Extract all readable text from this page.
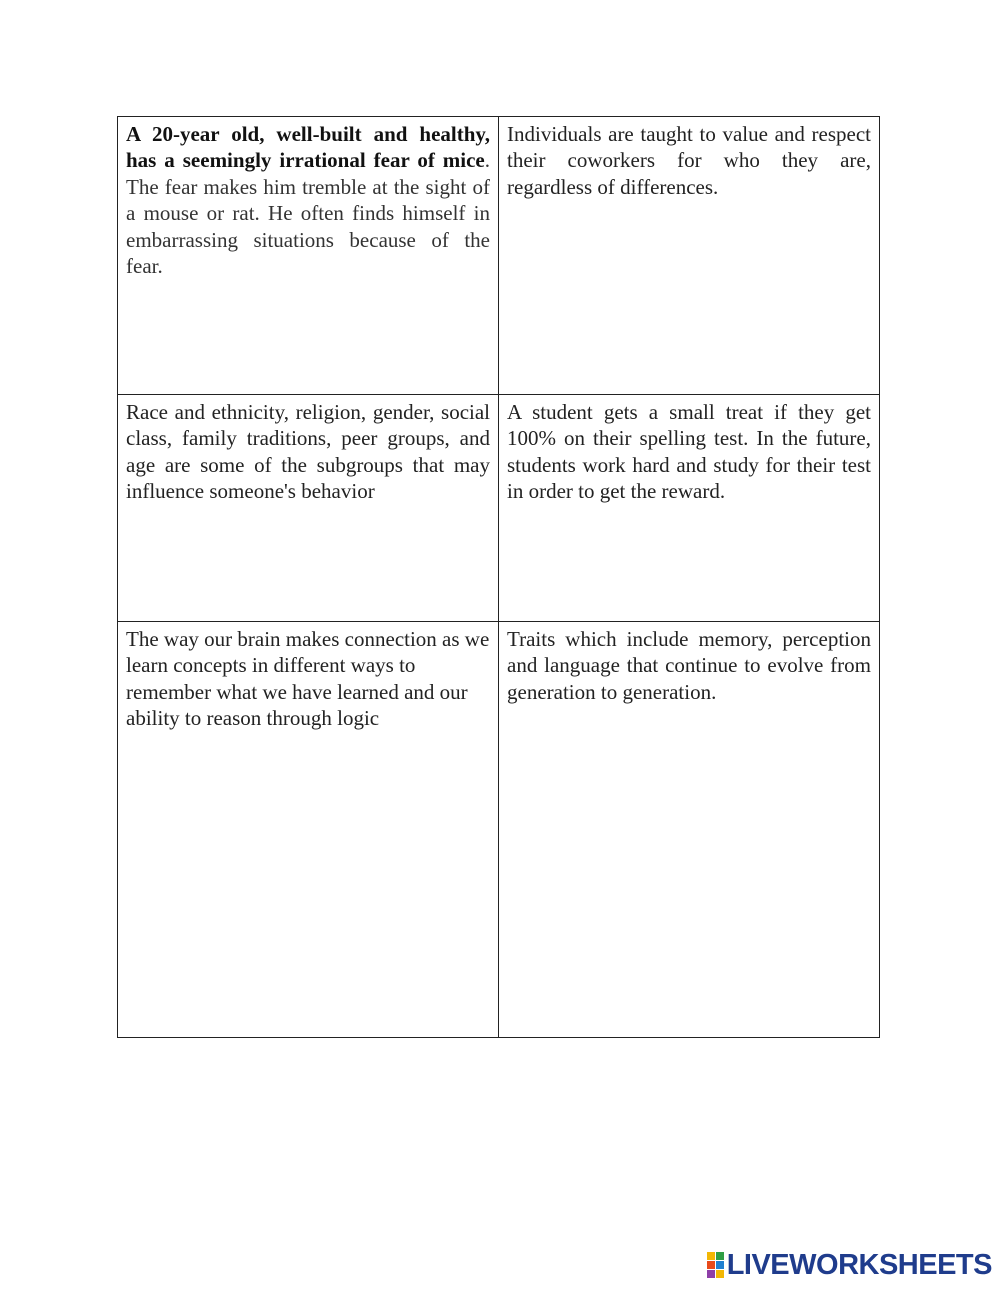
A 20-year old, well-built and healthy, has a seemingly irrational fear of mice. The fear makes him tremble at the sight of a mouse or rat. He often finds himself in embarrassing situations because of the fear.	Individuals are taught to value and respect their coworkers for who they are, regardless of differences.
Race and ethnicity, religion, gender, social class, family traditions, peer groups, and age are some of the subgroups that may influence someone's behavior	A student gets a small treat if they get 100% on their spelling test. In the future, students work hard and study for their test in order to get the reward.
The way our brain makes connection as we learn concepts in different ways to remember what we have learned and our ability to reason through logic	Traits which include memory, perception and language that continue to evolve from generation to generation.
LIVEWORKSHEETS
